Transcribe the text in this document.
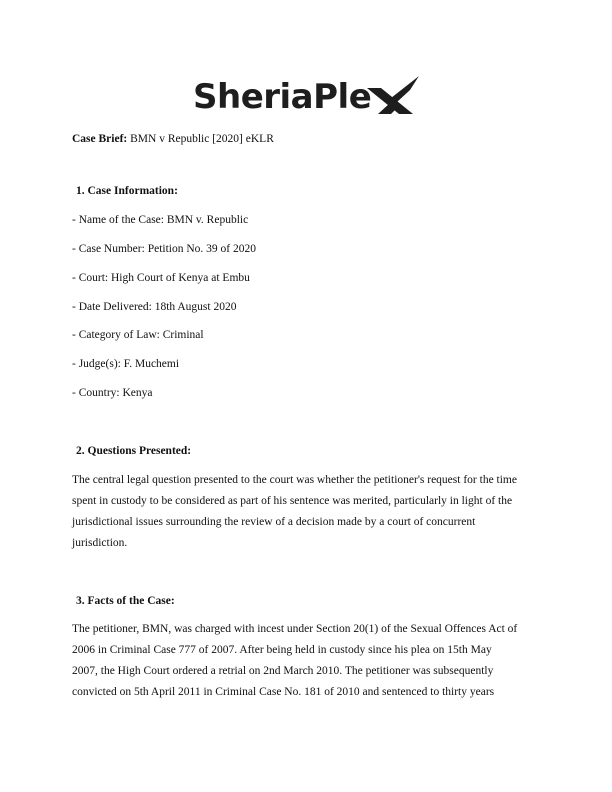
SheriaPle
Case Brief: BMN v Republic [2020] eKLR
1. Case Information:
- Name of the Case: BMN v. Republic
- Case Number: Petition No. 39 of 2020
- Court: High Court of Kenya at Embu
- Date Delivered: 18th August 2020
- Category of Law: Criminal
- Judge(s): F. Muchemi
- Country: Kenya
2. Questions Presented:
The central legal question presented to the court was whether the petitioner's request for the time
spent in custody to be considered as part of his sentence was merited, particularly in light of the
jurisdictional issues surrounding the review of a decision made by a court of concurrent
jurisdiction.
3. Facts of the Case:
The petitioner, BMN, was charged with incest under Section 20(1) of the Sexual Offences Act of
2006 in Criminal Case 777 of 2007. After being held in custody since his plea on 15th May
2007, the High Court ordered a retrial on 2nd March 2010. The petitioner was subsequently
convicted on 5th April 2011 in Criminal Case No. 181 of 2010 and sentenced to thirty years
